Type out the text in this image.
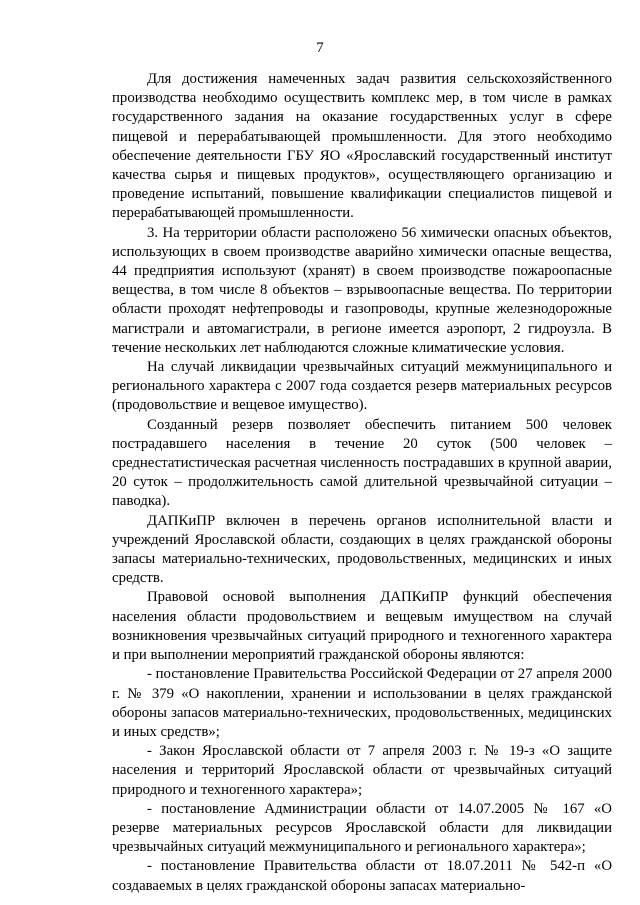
7

Для достижения намеченных задач развития сельскохозяйственного производства необходимо осуществить комплекс мер, в том числе в рамках государственного задания на оказание государственных услуг в сфере пищевой и перерабатывающей промышленности. Для этого необходимо обеспечение деятельности ГБУ ЯО «Ярославский государственный институт качества сырья и пищевых продуктов», осуществляющего организацию и проведение испытаний, повышение квалификации специалистов пищевой и перерабатывающей промышленности.

3. На территории области расположено 56 химически опасных объектов, использующих в своем производстве аварийно химически опасные вещества, 44 предприятия используют (хранят) в своем производстве пожароопасные вещества, в том числе 8 объектов – взрывоопасные вещества. По территории области проходят нефтепроводы и газопроводы, крупные железнодорожные магистрали и автомагистрали, в регионе имеется аэропорт, 2 гидроузла. В течение нескольких лет наблюдаются сложные климатические условия.

На случай ликвидации чрезвычайных ситуаций межмуниципального и регионального характера с 2007 года создается резерв материальных ресурсов (продовольствие и вещевое имущество).

Созданный резерв позволяет обеспечить питанием 500 человек пострадавшего населения в течение 20 суток (500 человек – среднестатистическая расчетная численность пострадавших в крупной аварии, 20 суток – продолжительность самой длительной чрезвычайной ситуации – паводка).

ДАПКиПР включен в перечень органов исполнительной власти и учреждений Ярославской области, создающих в целях гражданской обороны запасы материально-технических, продовольственных, медицинских и иных средств.

Правовой основой выполнения ДАПКиПР функций обеспечения населения области продовольствием и вещевым имуществом на случай возникновения чрезвычайных ситуаций природного и техногенного характера и при выполнении мероприятий гражданской обороны являются:

- постановление Правительства Российской Федерации от 27 апреля 2000 г. № 379 «О накоплении, хранении и использовании в целях гражданской обороны запасов материально-технических, продовольственных, медицинских и иных средств»;

- Закон Ярославской области от 7 апреля 2003 г. № 19-з «О защите населения и территорий Ярославской области от чрезвычайных ситуаций природного и техногенного характера»;

- постановление Администрации области от 14.07.2005 № 167 «О резерве материальных ресурсов Ярославской области для ликвидации чрезвычайных ситуаций межмуниципального и регионального характера»;

- постановление Правительства области от 18.07.2011 № 542-п «О создаваемых в целях гражданской обороны запасах материально-
